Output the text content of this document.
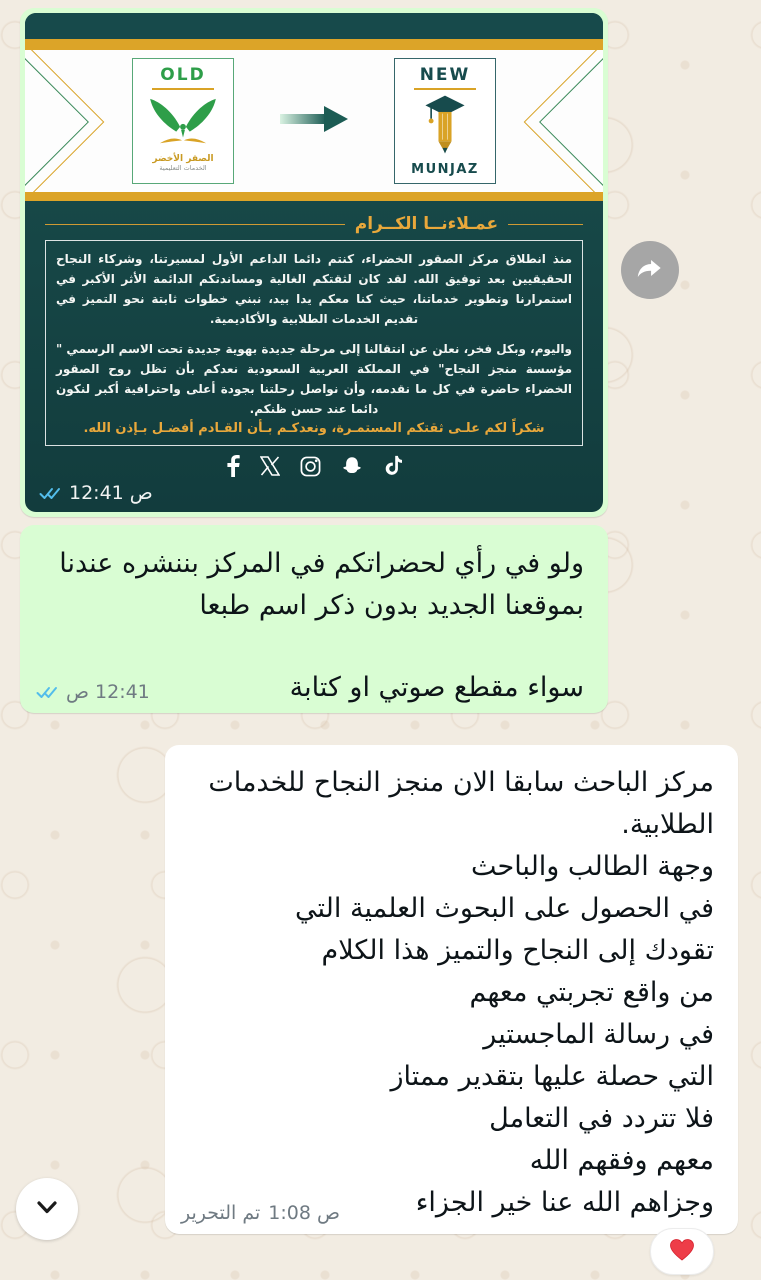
OLD
الصقر الأخضر
الخدمات التعليمية
NEW
MUNJAZ
عمـلاءنــا الكــرام

منذ انطلاق مركز الصقور الخضراء، كنتم دائما الداعم الأول لمسيرتنا، وشركاء النجاح الحقيقيين بعد توفيق الله. لقد كان لثقتكم الغالية ومساندتكم الدائمة الأثر الأكبر في استمرارنا وتطوير خدماتنا، حيث كنا معكم يدا بيد، نبني خطوات ثابتة نحو التميز في تقديم الخدمات الطلابية والأكاديمية.

واليوم، وبكل فخر، نعلن عن انتقالنا إلى مرحلة جديدة بهوية جديدة تحت الاسم الرسمي " مؤسسة منجز النجاح" في المملكة العربية السعودية نعدكم بأن تظل روح الصقور الخضراء حاضرة في كل ما نقدمه، وأن نواصل رحلتنا بجودة أعلى واحترافية أكبر لنكون دائما عند حسن ظنكم.

شكراً لكم علـى ثقتكم المستمـرة، ونعدكـم بـأن القـادم أفضـل بـإذن الله.

12:41 ص
ولو في رأي لحضراتكم في المركز بننشره عندنا بموقعنا الجديد بدون ذكر اسم طبعا
سواء مقطع صوتي او كتابة
12:41 ص
مركز الباحث سابقا الان منجز النجاح للخدمات الطلابية.
وجهة الطالب والباحث
في الحصول على البحوث العلمية التي
تقودك إلى النجاح والتميز هذا الكلام
من واقع تجربتي معهم
في رسالة الماجستير
التي حصلة عليها بتقدير ممتاز
فلا تتردد في التعامل
معهم وفقهم الله
وجزاهم الله عنا خير الجزاء
تم التحرير 1:08 ص
